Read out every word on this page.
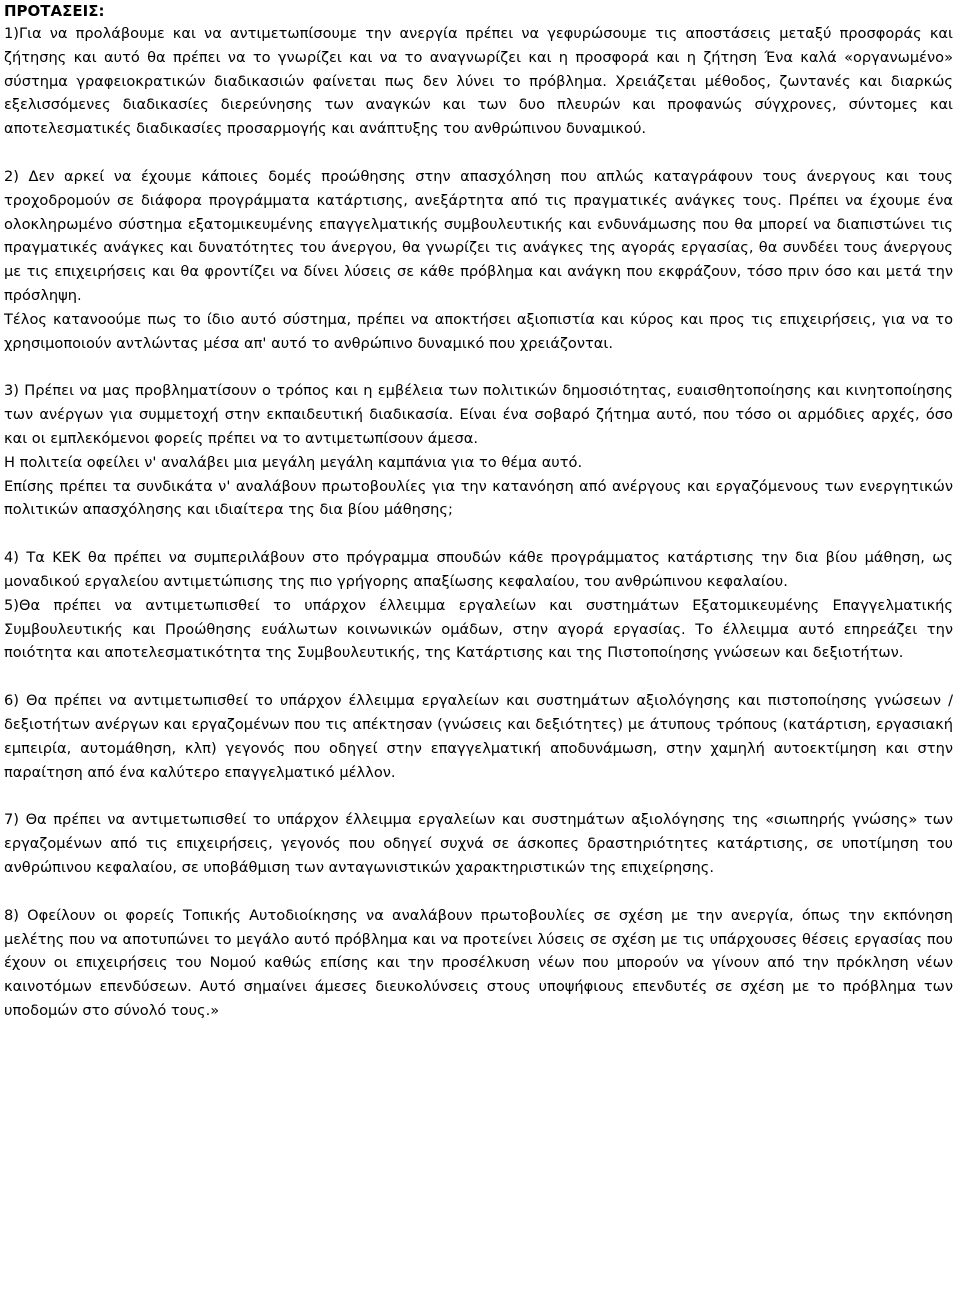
ΠΡΟΤΑΣΕΙΣ:

1)Για να προλάβουμε και να αντιμετωπίσουμε την ανεργία πρέπει να γεφυρώσουμε τις αποστάσεις μεταξύ προσφοράς και ζήτησης και αυτό θα πρέπει να το γνωρίζει και να το αναγνωρίζει και η προσφορά και η ζήτηση Ένα καλά «οργανωμένο» σύστημα γραφειοκρατικών διαδικασιών φαίνεται πως δεν λύνει το πρόβλημα. Χρειάζεται μέθοδος, ζωντανές και διαρκώς εξελισσόμενες διαδικασίες διερεύνησης των αναγκών και των δυο πλευρών και προφανώς σύγχρονες, σύντομες και αποτελεσματικές διαδικασίες προσαρμογής και ανάπτυξης του ανθρώπινου δυναμικού.

2) Δεν αρκεί να έχουμε κάποιες δομές προώθησης στην απασχόληση που απλώς καταγράφουν τους άνεργους και τους τροχοδρομούν σε διάφορα προγράμματα κατάρτισης, ανεξάρτητα από τις πραγματικές ανάγκες τους. Πρέπει να έχουμε ένα ολοκληρωμένο σύστημα εξατομικευμένης επαγγελματικής συμβουλευτικής και ενδυνάμωσης που θα μπορεί να διαπιστώνει τις πραγματικές ανάγκες και δυνατότητες του άνεργου, θα γνωρίζει τις ανάγκες της αγοράς εργασίας, θα συνδέει τους άνεργους με τις επιχειρήσεις και θα φροντίζει να δίνει λύσεις σε κάθε πρόβλημα και ανάγκη που εκφράζουν, τόσο πριν όσο και μετά την πρόσληψη.

Τέλος κατανοούμε πως το ίδιο αυτό σύστημα, πρέπει να αποκτήσει αξιοπιστία και κύρος και προς τις επιχειρήσεις, για να το χρησιμοποιούν αντλώντας μέσα απ' αυτό το ανθρώπινο δυναμικό που χρειάζονται.

3) Πρέπει να μας προβληματίσουν ο τρόπος και η εμβέλεια των πολιτικών δημοσιότητας, ευαισθητοποίησης και κινητοποίησης των ανέργων για συμμετοχή στην εκπαιδευτική διαδικασία. Είναι ένα σοβαρό ζήτημα αυτό, που τόσο οι αρμόδιες αρχές, όσο και οι εμπλεκόμενοι φορείς πρέπει να το αντιμετωπίσουν άμεσα.

Η πολιτεία οφείλει ν' αναλάβει μια μεγάλη μεγάλη καμπάνια για το θέμα αυτό.

Επίσης πρέπει τα συνδικάτα ν' αναλάβουν πρωτοβουλίες για την κατανόηση από ανέργους και εργαζόμενους των ενεργητικών πολιτικών απασχόλησης και ιδιαίτερα της δια βίου μάθησης;

4) Τα ΚΕΚ θα πρέπει να συμπεριλάβουν στο πρόγραμμα σπουδών κάθε προγράμματος κατάρτισης την δια βίου μάθηση, ως μοναδικού εργαλείου αντιμετώπισης της πιο γρήγορης απαξίωσης κεφαλαίου, του ανθρώπινου κεφαλαίου.

5)Θα πρέπει να αντιμετωπισθεί το υπάρχον έλλειμμα εργαλείων και συστημάτων Εξατομικευμένης Επαγγελματικής Συμβουλευτικής και Προώθησης ευάλωτων κοινωνικών ομάδων, στην αγορά εργασίας. Το έλλειμμα αυτό επηρεάζει την ποιότητα και αποτελεσματικότητα της Συμβουλευτικής, της Κατάρτισης και της Πιστοποίησης γνώσεων και δεξιοτήτων.

6) Θα πρέπει να αντιμετωπισθεί το υπάρχον έλλειμμα εργαλείων και συστημάτων αξιολόγησης και πιστοποίησης γνώσεων /δεξιοτήτων ανέργων και εργαζομένων που τις απέκτησαν (γνώσεις και δεξιότητες) με άτυπους τρόπους (κατάρτιση, εργασιακή εμπειρία, αυτομάθηση, κλπ) γεγονός που οδηγεί στην επαγγελματική αποδυνάμωση, στην χαμηλή αυτοεκτίμηση και στην παραίτηση από ένα καλύτερο επαγγελματικό μέλλον.

7) Θα πρέπει να αντιμετωπισθεί το υπάρχον έλλειμμα εργαλείων και συστημάτων αξιολόγησης της «σιωπηρής γνώσης» των εργαζομένων από τις επιχειρήσεις, γεγονός που οδηγεί συχνά σε άσκοπες δραστηριότητες κατάρτισης, σε υποτίμηση του ανθρώπινου κεφαλαίου, σε υποβάθμιση των ανταγωνιστικών χαρακτηριστικών της επιχείρησης.

8) Οφείλουν οι φορείς Τοπικής Αυτοδιοίκησης να αναλάβουν πρωτοβουλίες σε σχέση με την ανεργία, όπως την εκπόνηση μελέτης που να αποτυπώνει το μεγάλο αυτό πρόβλημα και να προτείνει λύσεις σε σχέση με τις υπάρχουσες θέσεις εργασίας που έχουν οι επιχειρήσεις του Νομού καθώς επίσης και την προσέλκυση νέων που μπορούν να γίνουν από την πρόκληση νέων καινοτόμων επενδύσεων. Αυτό σημαίνει άμεσες διευκολύνσεις στους υποψήφιους επενδυτές σε σχέση με το πρόβλημα των υποδομών στο σύνολό τους.»
